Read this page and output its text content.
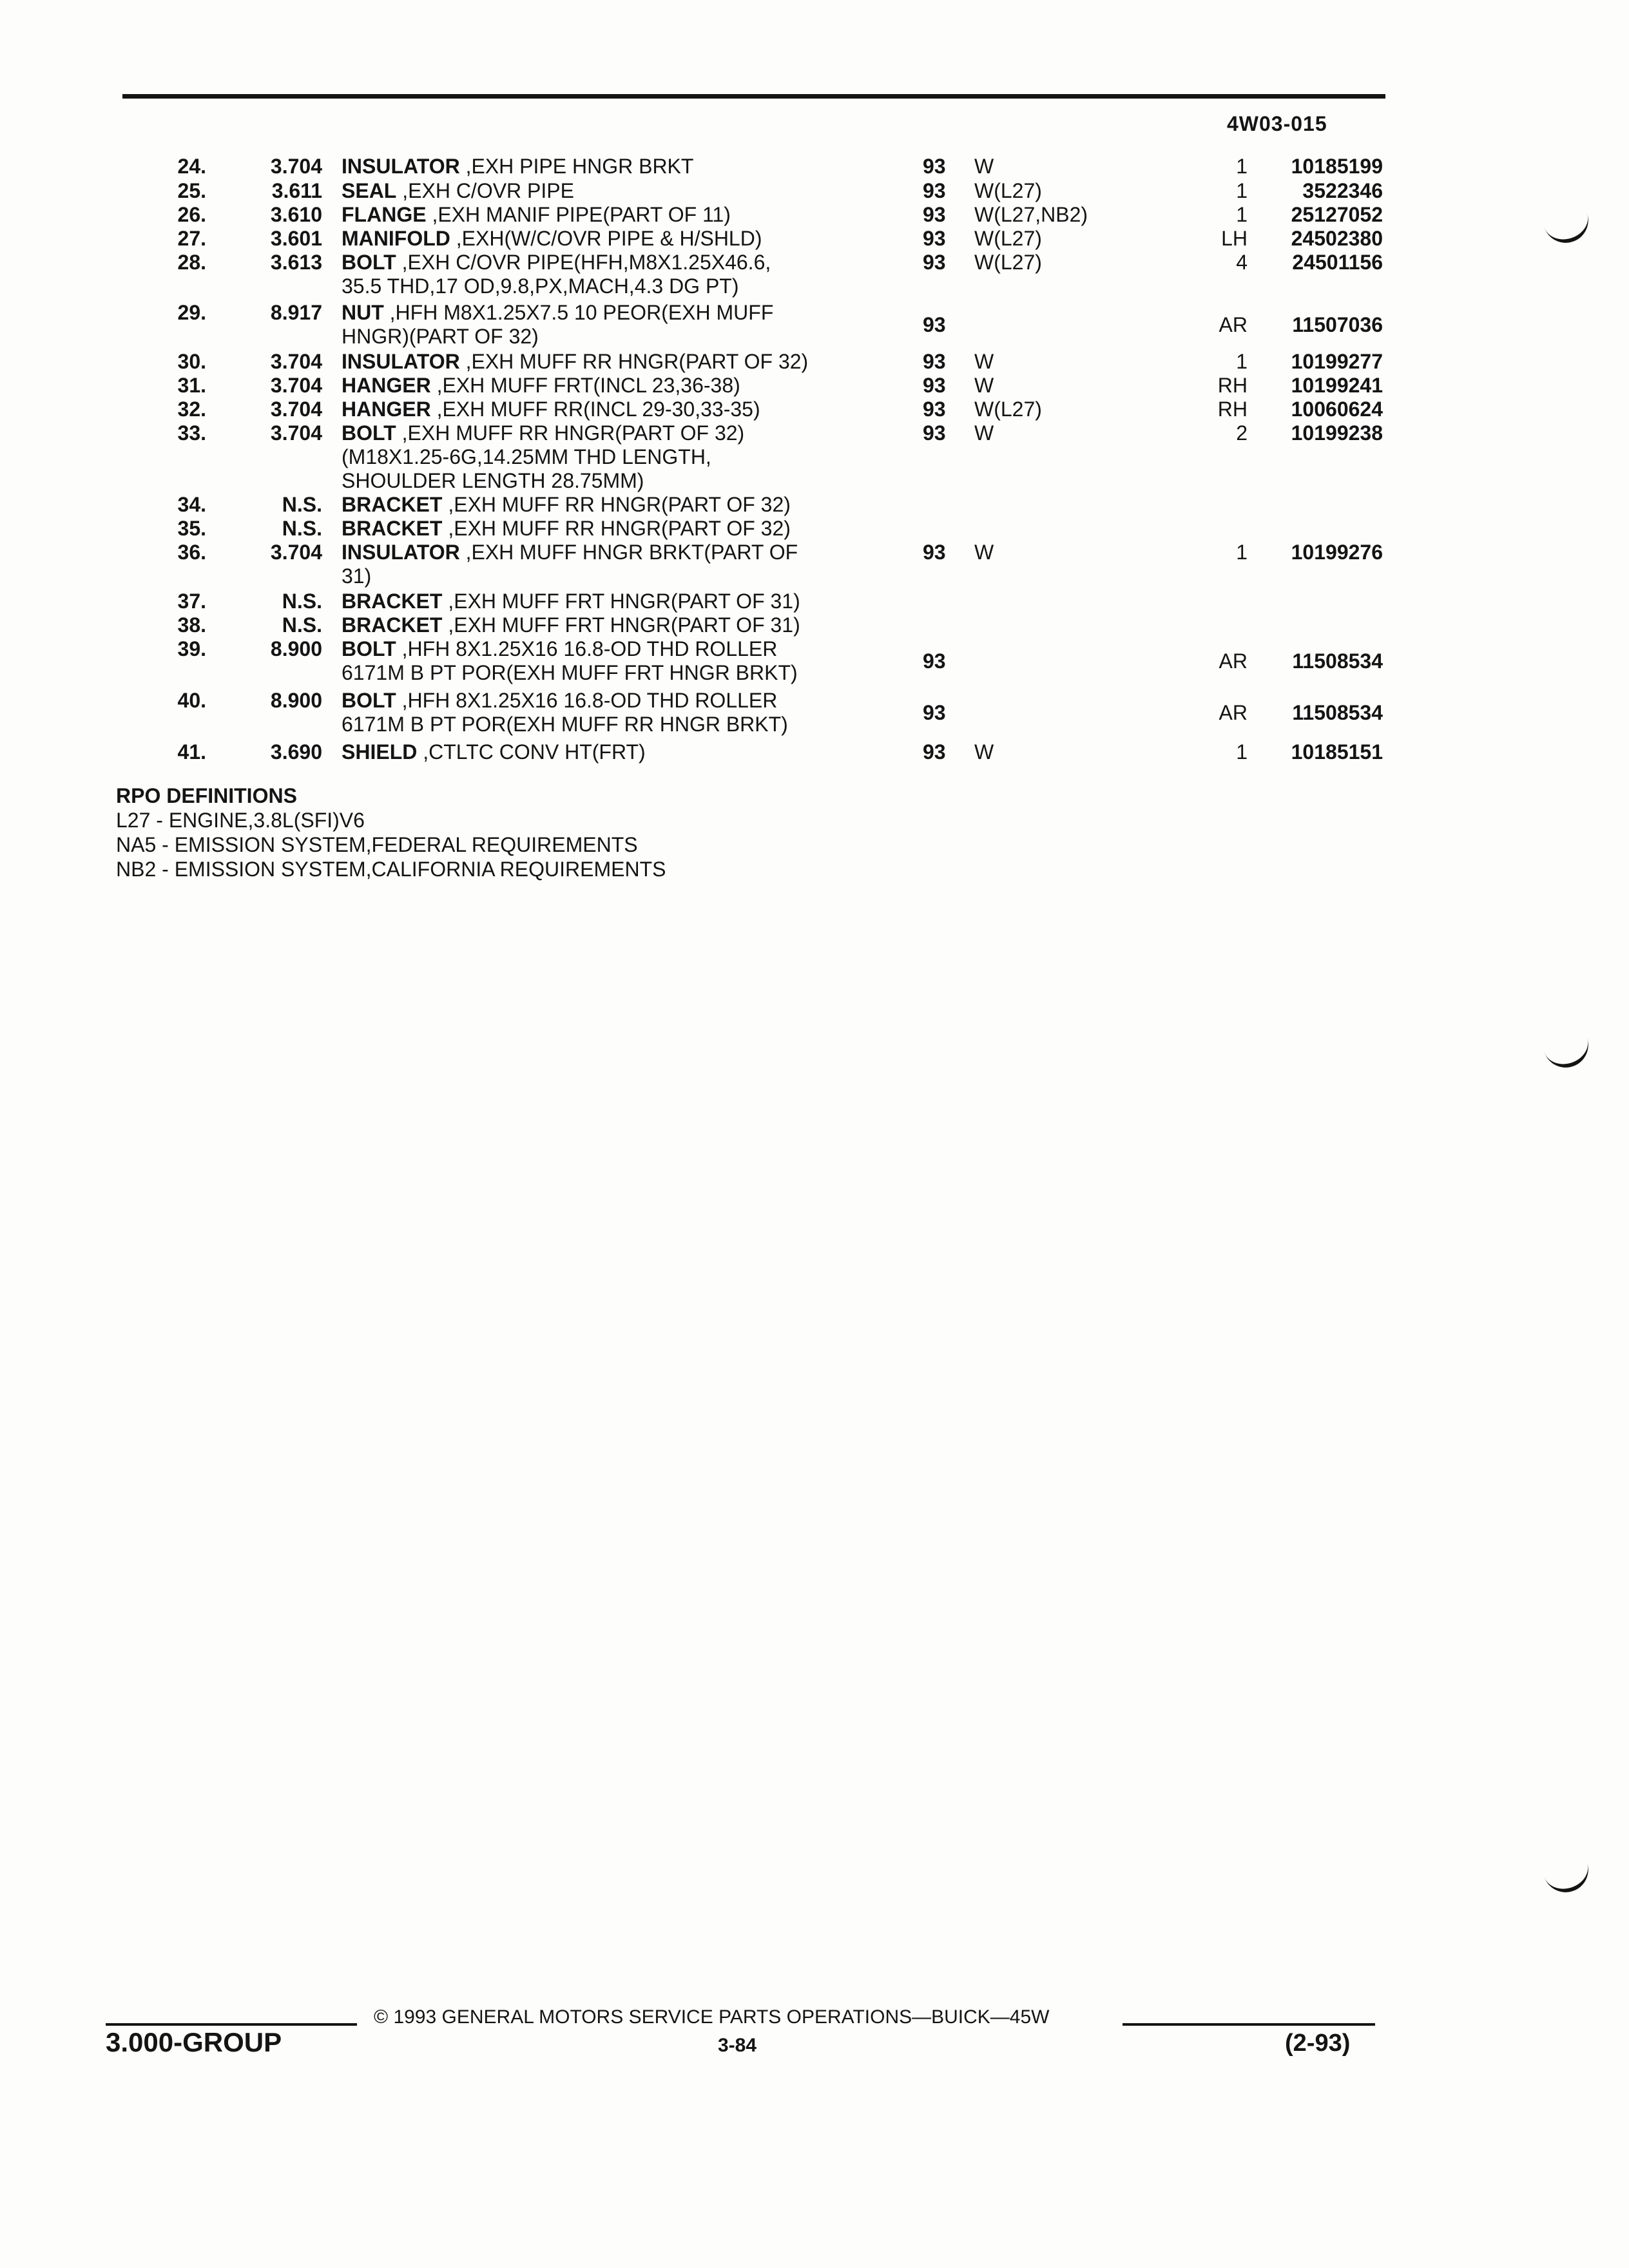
4W03-015
24.	3.704 INSULATOR ,EXH PIPE HNGR BRKT	93 W	1	10185199
25.	3.611 SEAL ,EXH C/OVR PIPE	93 W(L27)	1	3522346
26.	3.610 FLANGE ,EXH MANIF PIPE(PART OF 11)	93 W(L27,NB2)	1	25127052
27.	3.601 MANIFOLD ,EXH(W/C/OVR PIPE & H/SHLD)	93 W(L27)	LH	24502380
28.	3.613 BOLT ,EXH C/OVR PIPE(HFH,M8X1.25X46.6,
35.5 THD,17 OD,9.8,PX,MACH,4.3 DG PT)
93 W(L27)	4	24501156
29.	8.917 NUT ,HFH M8X1.25X7.5 10 PEOR(EXH MUFF
HNGR)(PART OF 32)
93	AR	11507036
30.	3.704 INSULATOR ,EXH MUFF RR HNGR(PART OF 32)	93 W	1	10199277
31.	3.704 HANGER ,EXH MUFF FRT(INCL 23,36-38)	93 W	RH	10199241
32.	3.704 HANGER ,EXH MUFF RR(INCL 29-30,33-35)	93 W(L27)	RH	10060624
33.	3.704 BOLT ,EXH MUFF RR HNGR(PART OF 32)
(M18X1.25-6G,14.25MM THD LENGTH,
SHOULDER LENGTH 28.75MM)
93 W	2	10199238
34.	N.S. BRACKET ,EXH MUFF RR HNGR(PART OF 32)
35.	N.S. BRACKET ,EXH MUFF RR HNGR(PART OF 32)
36.	3.704 INSULATOR ,EXH MUFF HNGR BRKT(PART OF
31)
93 W	1	10199276
37.	N.S. BRACKET ,EXH MUFF FRT HNGR(PART OF 31)
38.	N.S. BRACKET ,EXH MUFF FRT HNGR(PART OF 31)
39.	8.900 BOLT ,HFH 8X1.25X16 16.8-OD THD ROLLER
6171M B PT POR(EXH MUFF FRT HNGR BRKT)
93	AR	11508534
40.	8.900 BOLT ,HFH 8X1.25X16 16.8-OD THD ROLLER
6171M B PT POR(EXH MUFF RR HNGR BRKT)
93	AR	11508534
41.	3.690 SHIELD ,CTLTC CONV HT(FRT)	93 W	1	10185151
RPO DEFINITIONS
L27 - ENGINE,3.8L(SFI)V6
NA5 - EMISSION SYSTEM,FEDERAL REQUIREMENTS
NB2 - EMISSION SYSTEM,CALIFORNIA REQUIREMENTS
3.000-GROUP
© 1993 GENERAL MOTORS SERVICE PARTS OPERATIONS—BUICK—45W
3-84	(2-93)
